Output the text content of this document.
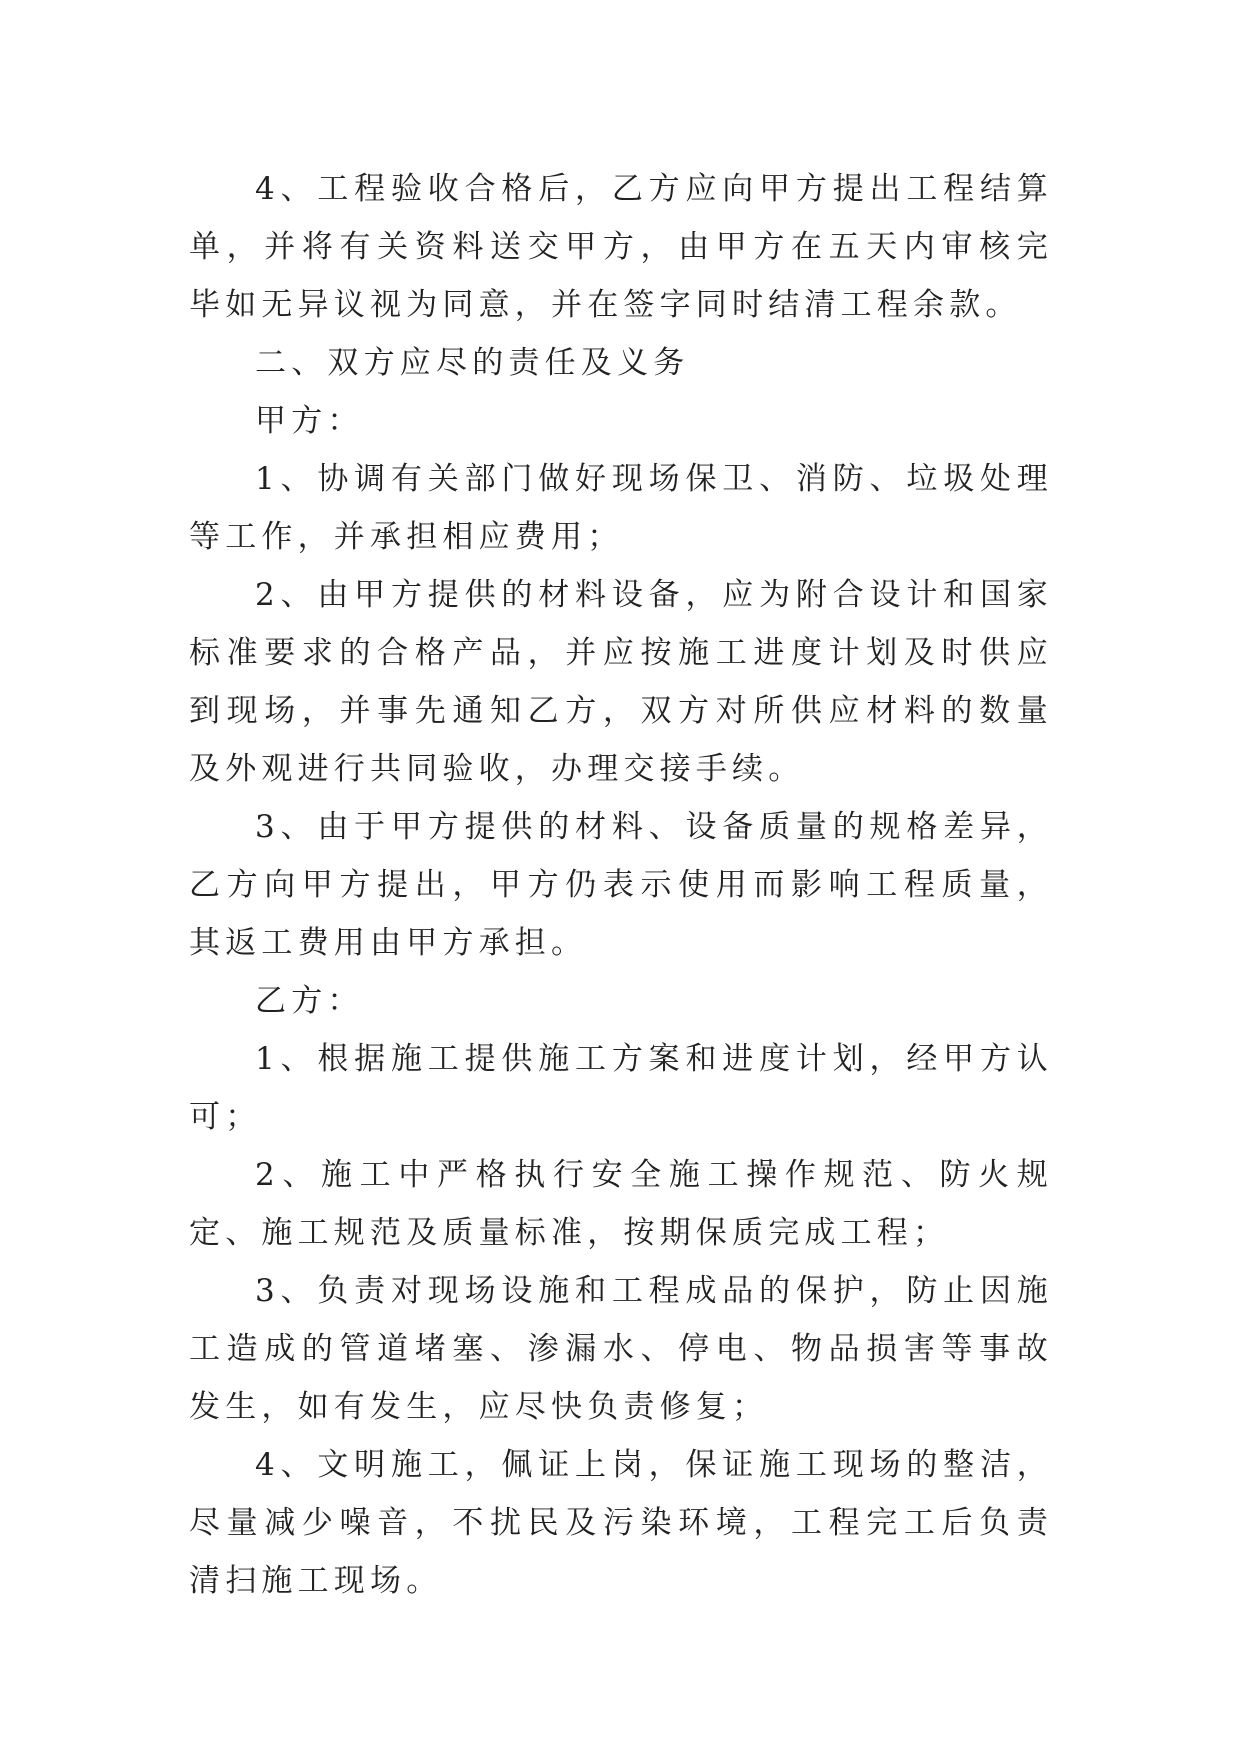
4、工程验收合格后，乙方应向甲方提出工程结算单，并将有关资料送交甲方，由甲方在五天内审核完毕如无异议视为同意，并在签字同时结清工程余款。

二、双方应尽的责任及义务

甲方：

1、协调有关部门做好现场保卫、消防、垃圾处理等工作，并承担相应费用；

2、由甲方提供的材料设备，应为附合设计和国家标准要求的合格产品，并应按施工进度计划及时供应到现场，并事先通知乙方，双方对所供应材料的数量及外观进行共同验收，办理交接手续。

3、由于甲方提供的材料、设备质量的规格差异，乙方向甲方提出，甲方仍表示使用而影响工程质量，其返工费用由甲方承担。

乙方：

1、根据施工提供施工方案和进度计划，经甲方认可；

2、施工中严格执行安全施工操作规范、防火规定、施工规范及质量标准，按期保质完成工程；

3、负责对现场设施和工程成品的保护，防止因施工造成的管道堵塞、渗漏水、停电、物品损害等事故发生，如有发生，应尽快负责修复；

4、文明施工，佩证上岗，保证施工现场的整洁，尽量减少噪音，不扰民及污染环境，工程完工后负责清扫施工现场。
